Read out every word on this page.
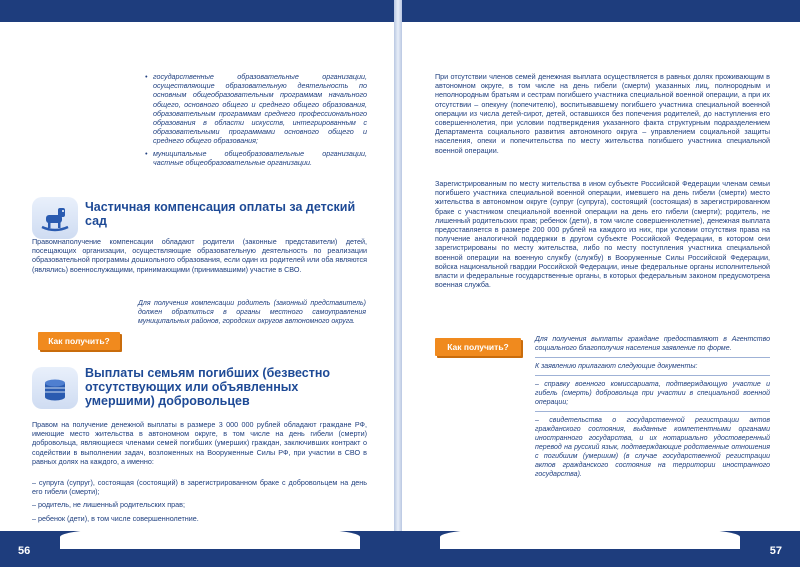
• государственные образовательные организации, осуществляющие образовательную деятельность по основным общеобразовательным программам начального общего, основного общего и среднего общего образования, образовательным программам среднего профессионального образования в области искусств, интегрированным с образовательными программами основного общего и среднего общего образования;
• муниципальные общеобразовательные организации, частные общеобразовательные организации.
Частичная компенсация оплаты за детский сад
Правомнаполучение компенсации обладают родители (законные представители) детей, посещающих организации, осуществляющие образовательную деятельность по реализации образовательной программы дошкольного образования, если один из родителей или оба являются (являлись) военнослужащими, принимающими (принимавшими) участие в СВО.
Как получить?
Для получения компенсации родитель (законный представитель) должен обратиться в органы местного самоуправления муниципальных районов, городских округов автономного округа.
Выплаты семьям погибших (безвестно отсутствующих или объявленных умершими) добровольцев
Правом на получение денежной выплаты в размере 3 000 000 рублей обладают граждане РФ, имеющие место жительства в автономном округе, в том числе на день гибели (смерти) добровольца, являющиеся членами семей погибших (умерших) граждан, заключивших контракт о содействии в выполнении задач, возложенных на Вооруженные Силы РФ, при участии в СВО в равных долях на каждого, а именно:
– супруга (супруг), состоящая (состоящий) в зарегистрированном браке с добровольцем на день его гибели (смерти);
– родитель, не лишенный родительских прав;
– ребенок (дети), в том числе совершеннолетние.
При отсутствии членов семей денежная выплата осуществляется в равных долях проживающим в автономном округе, в том числе на день гибели (смерти) указанных лиц, полнородным и неполнородным братьям и сестрам погибшего участника специальной военной операции, а при их отсутствии – опекуну (попечителю), воспитывавшему погибшего участника специальной военной операции из числа детей-сирот, детей, оставшихся без попечения родителей, до наступления его совершеннолетия, при условии подтверждения указанного факта структурным подразделением Департамента социального развития автономного округа – управлением социальной защиты населения, опеки и попечительства по месту жительства погибшего участника специальной военной операции.
Зарегистрированным по месту жительства в ином субъекте Российской Федерации членам семьи погибшего участника специальной военной операции, имевшего на день гибели (смерти) место жительства в автономном округе (супруг (супруга), состоящий (состоящая) в зарегистрированном браке с участником специальной военной операции на день его гибели (смерти); родитель, не лишенный родительских прав; ребенок (дети), в том числе совершеннолетние), денежная выплата предоставляется в размере 200 000 рублей на каждого из них, при условии отсутствия права на получение аналогичной поддержки в другом субъекте Российской Федерации, в котором они зарегистрированы по месту жительства, либо по месту поступления участника специальной военной операции на военную службу (службу) в Вооруженные Силы Российской Федерации, войска национальной гвардии Российской Федерации, иные федеральные органы исполнительной власти и федеральные государственные органы, в которых федеральным законом предусмотрена военная служба.
Как получить?
Для получения выплаты граждане предоставляют в Агентство социального благополучия населения заявление по форме.
К заявлению прилагают следующие документы:
– справку военного комиссариата, подтверждающую участие и гибель (смерть) добровольца при участии в специальной военной операции;
– свидетельства о государственной регистрации актов гражданского состояния, выданные компетентными органами иностранного государства, и их нотариально удостоверенный перевод на русский язык, подтверждающие родственные отношения с погибшим (умершим) (в случае государственной регистрации актов гражданского состояния на территории иностранного государства).
56	57
